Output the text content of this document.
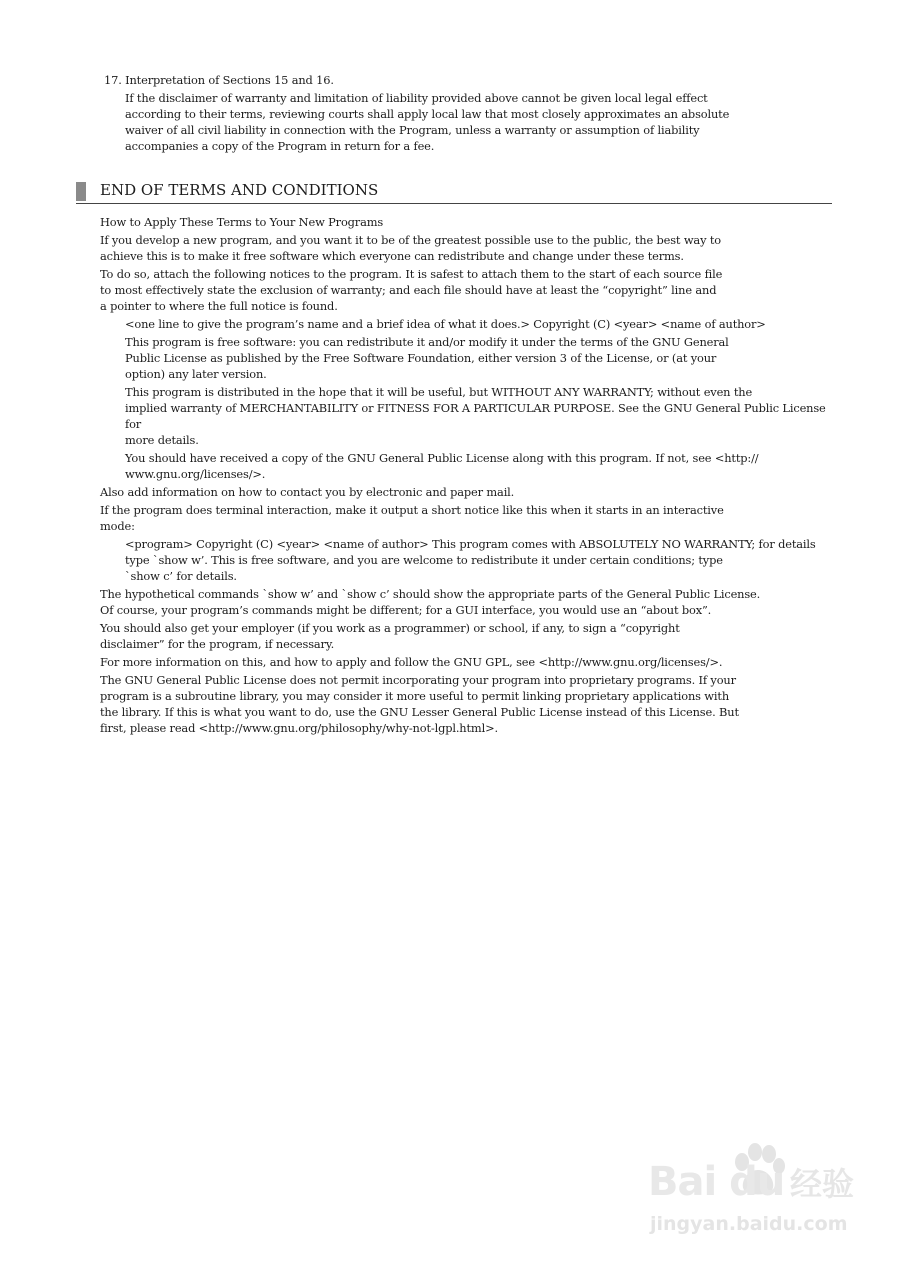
17. Interpretation of Sections 15 and 16.

If the disclaimer of warranty and limitation of liability provided above cannot be given local legal effect
according to their terms, reviewing courts shall apply local law that most closely approximates an absolute
waiver of all civil liability in connection with the Program, unless a warranty or assumption of liability
accompanies a copy of the Program in return for a fee.
END OF TERMS AND CONDITIONS
How to Apply These Terms to Your New Programs
If you develop a new program, and you want it to be of the greatest possible use to the public, the best way to
achieve this is to make it free software which everyone can redistribute and change under these terms.
To do so, attach the following notices to the program. It is safest to attach them to the start of each source file
to most effectively state the exclusion of warranty; and each file should have at least the “copyright” line and
a pointer to where the full notice is found.
<one line to give the program’s name and a brief idea of what it does.> Copyright (C) <year> <name of author>
This program is free software: you can redistribute it and/or modify it under the terms of the GNU General
Public License as published by the Free Software Foundation, either version 3 of the License, or (at your
option) any later version.
This program is distributed in the hope that it will be useful, but WITHOUT ANY WARRANTY; without even the
implied warranty of MERCHANTABILITY or FITNESS FOR A PARTICULAR PURPOSE. See the GNU General Public License for
more details.
You should have received a copy of the GNU General Public License along with this program. If not, see <http://
www.gnu.org/licenses/>.
Also add information on how to contact you by electronic and paper mail.
If the program does terminal interaction, make it output a short notice like this when it starts in an interactive
mode:
<program> Copyright (C) <year> <name of author> This program comes with ABSOLUTELY NO WARRANTY; for details
type `show w’. This is free software, and you are welcome to redistribute it under certain conditions; type
`show c’ for details.
The hypothetical commands `show w’ and `show c’ should show the appropriate parts of the General Public License.
Of course, your program’s commands might be different; for a GUI interface, you would use an “about box”.
You should also get your employer (if you work as a programmer) or school, if any, to sign a “copyright
disclaimer” for the program, if necessary.
For more information on this, and how to apply and follow the GNU GPL, see <http://www.gnu.org/licenses/>.
The GNU General Public License does not permit incorporating your program into proprietary programs. If your
program is a subroutine library, you may consider it more useful to permit linking proprietary applications with
the library. If this is what you want to do, use the GNU Lesser General Public License instead of this License. But
first, please read <http://www.gnu.org/philosophy/why-not-lgpl.html>.
Bai du 经验
jingyan.baidu.com
